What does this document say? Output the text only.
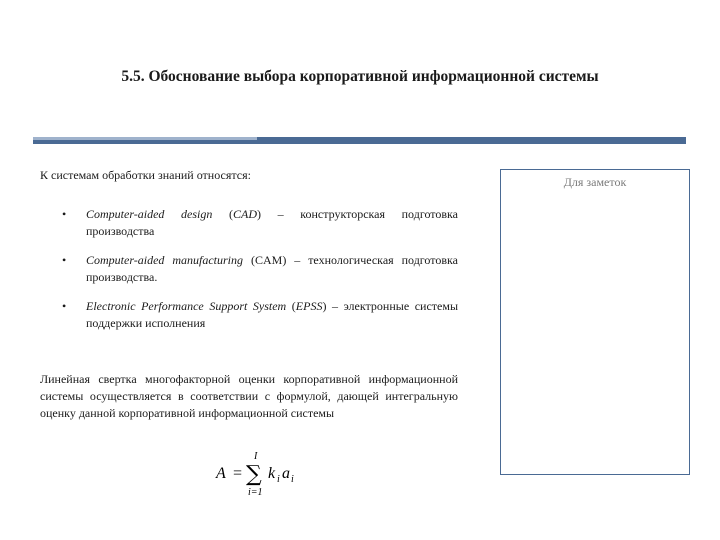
5.5. Обоснование выбора корпоративной информационной системы
К системам обработки знаний относятся:
• Computer-aided design (CAD) – конструкторская подготовка производства
• Computer-aided manufacturing (CAM) – технологическая подготовка производства.
• Electronic Performance Support System (EPSS) – электронные системы поддержки исполнения
Линейная свертка многофакторной оценки корпоративной информационной системы осуществляется в соответствии с формулой, дающей интегральную оценку данной корпоративной информационной системы
A =
I
∑
i=1
k i a i
Для заметок
